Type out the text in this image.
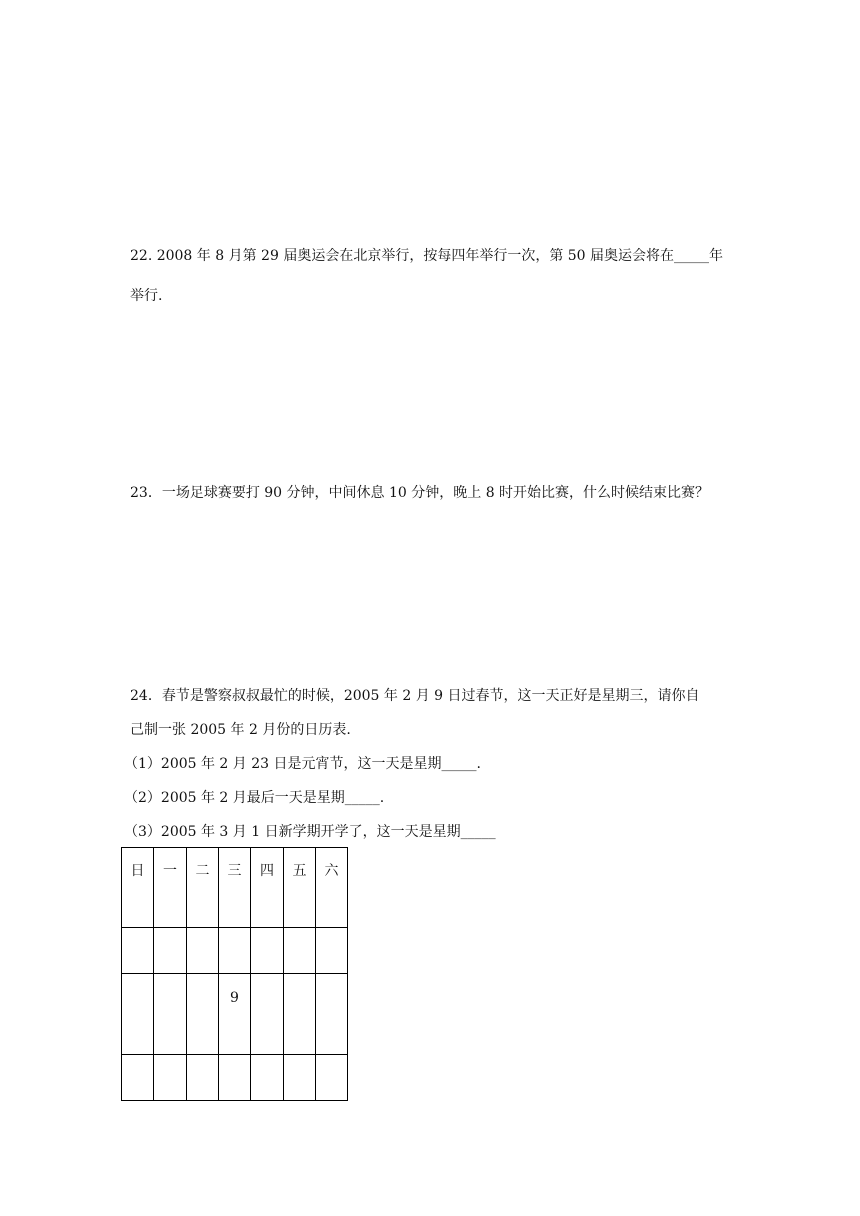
22. 2008 年 8 月第 29 届奥运会在北京举行，按每四年举行一次，第 50 届奥运会将在_____年
举行.
23．一场足球赛要打 90 分钟，中间休息 10 分钟，晚上 8 时开始比赛，什么时候结束比赛？
24．春节是警察叔叔最忙的时候，2005 年 2 月 9 日过春节，这一天正好是星期三，请你自
己制一张 2005 年 2 月份的日历表.
（1）2005 年 2 月 23 日是元宵节，这一天是星期_____.
（2）2005 年 2 月最后一天是星期_____.
（3）2005 年 3 月 1 日新学期开学了，这一天是星期_____
日	一	二	三	四	五	六

			9			
